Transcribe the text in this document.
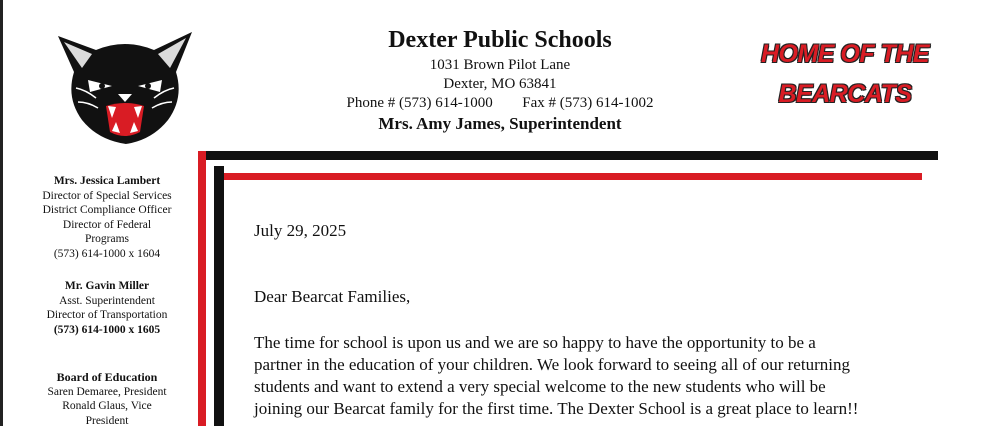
Dexter Public Schools
1031 Brown Pilot Lane
Dexter, MO 63841
Phone # (573) 614-1000 Fax # (573) 614-1002
Mrs. Amy James, Superintendent
HOME OF THE
BEARCATS
Mrs. Jessica Lambert
Director of Special Services
District Compliance Officer
Director of Federal
Programs
(573) 614-1000 x 1604
Mr. Gavin Miller
Asst. Superintendent
Director of Transportation
(573) 614-1000 x 1605
Board of Education
Saren Demaree, President
Ronald Glaus, Vice
President
July 29, 2025
Dear Bearcat Families,
The time for school is upon us and we are so happy to have the opportunity to be a
partner in the education of your children. We look forward to seeing all of our returning
students and want to extend a very special welcome to the new students who will be
joining our Bearcat family for the first time. The Dexter School is a great place to learn!!
